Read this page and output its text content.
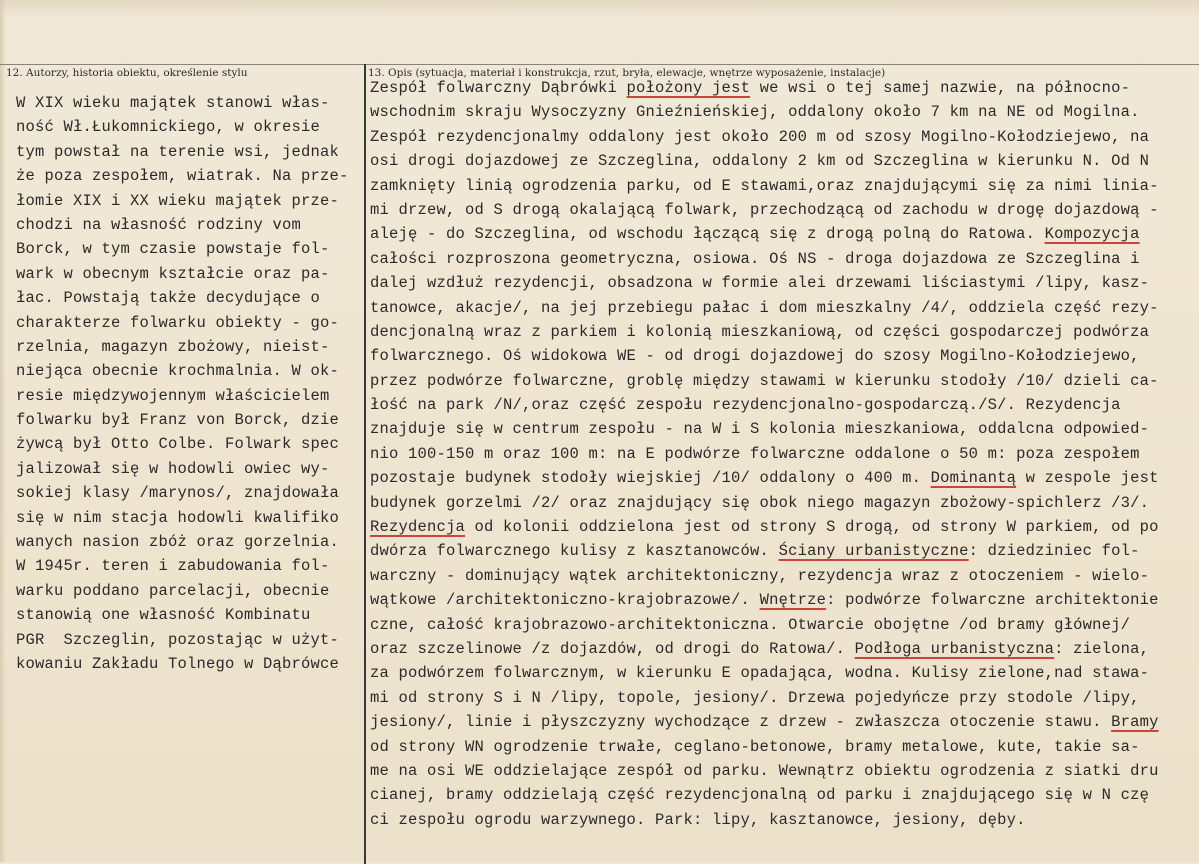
12. Autorzy, historia obiektu, określenie stylu	13. Opis (sytuacja, materiał i konstrukcja, rzut, bryła, elewacje, wnętrze wyposażenie, instalacje)
W XIX wieku majątek stanowi włas-
ność Wł.Łukomnickiego, w okresie
tym powstał na terenie wsi, jednak
że poza zespołem, wiatrak. Na prze-
łomie XIX i XX wieku majątek prze-
chodzi na własność rodziny vom
Borck, w tym czasie powstaje fol-
wark w obecnym kształcie oraz pa-
łac. Powstają także decydujące o
charakterze folwarku obiekty - go-
rzelnia, magazyn zbożowy, nieist-
niejąca obecnie krochmalnia. W ok-
resie międzywojennym właścicielem
folwarku był Franz von Borck, dzie
żywcą był Otto Colbe. Folwark spec
jalizował się w hodowli owiec wy-
sokiej klasy /marynos/, znajdowała
się w nim stacja hodowli kwalifiko
wanych nasion zbóż oraz gorzelnia.
W 1945r. teren i zabudowania fol-
warku poddano parcelacji, obecnie
stanowią one własność Kombinatu
PGR  Szczeglin, pozostając w użyt-
kowaniu Zakładu Tolnego w Dąbrówce
Zespół folwarczny Dąbrówki położony jest we wsi o tej samej nazwie, na północno-
wschodnim skraju Wysoczyzny Gnieźnieńskiej, oddalony około 7 km na NE od Mogilna.
Zespół rezydencjonalmy oddalony jest około 200 m od szosy Mogilno-Kołodziejewo, na
osi drogi dojazdowej ze Szczeglina, oddalony 2 km od Szczeglina w kierunku N. Od N
zamknięty linią ogrodzenia parku, od E stawami,oraz znajdującymi się za nimi linia-
mi drzew, od S drogą okalającą folwark, przechodzącą od zachodu w drogę dojazdową -
aleję - do Szczeglina, od wschodu łączącą się z drogą polną do Ratowa. Kompozycja
całości rozproszona geometryczna, osiowa. Oś NS - droga dojazdowa ze Szczeglina i
dalej wzdłuż rezydencji, obsadzona w formie alei drzewami liściastymi /lipy, kasz-
tanowce, akacje/, na jej przebiegu pałac i dom mieszkalny /4/, oddziela część rezy-
dencjonalną wraz z parkiem i kolonią mieszkaniową, od części gospodarczej podwórza
folwarcznego. Oś widokowa WE - od drogi dojazdowej do szosy Mogilno-Kołodziejewo,
przez podwórze folwarczne, groblę między stawami w kierunku stodoły /10/ dzieli ca-
łość na park /N/,oraz część zespołu rezydencjonalno-gospodarczą./S/. Rezydencja
znajduje się w centrum zespołu - na W i S kolonia mieszkaniowa, oddalcna odpowied-
nio 100-150 m oraz 100 m: na E podwórze folwarczne oddalone o 50 m: poza zespołem
pozostaje budynek stodoły wiejskiej /10/ oddalony o 400 m. Dominantą w zespole jest
budynek gorzelmi /2/ oraz znajdujący się obok niego magazyn zbożowy-spichlerz /3/.
Rezydencja od kolonii oddzielona jest od strony S drogą, od strony W parkiem, od po
dwórza folwarcznego kulisy z kasztanowców. Ściany urbanistyczne: dziedziniec fol-
warczny - dominujący wątek architektoniczny, rezydencja wraz z otoczeniem - wielo-
wątkowe /architektoniczno-krajobrazowe/. Wnętrze: podwórze folwarczne architektonie
czne, całość krajobrazowo-architektoniczna. Otwarcie obojętne /od bramy głównej/
oraz szczelinowe /z dojazdów, od drogi do Ratowa/. Podłoga urbanistyczna: zielona,
za podwórzem folwarcznym, w kierunku E opadająca, wodna. Kulisy zielone,nad stawa-
mi od strony S i N /lipy, topole, jesiony/. Drzewa pojedyńcze przy stodole /lipy,
jesiony/, linie i płyszczyzny wychodzące z drzew - zwłaszcza otoczenie stawu. Bramy
od strony WN ogrodzenie trwałe, ceglano-betonowe, bramy metalowe, kute, takie sa-
me na osi WE oddzielające zespół od parku. Wewnątrz obiektu ogrodzenia z siatki dru
cianej, bramy oddzielają część rezydencjonalną od parku i znajdującego się w N czę
ci zespołu ogrodu warzywnego. Park: lipy, kasztanowce, jesiony, dęby.
